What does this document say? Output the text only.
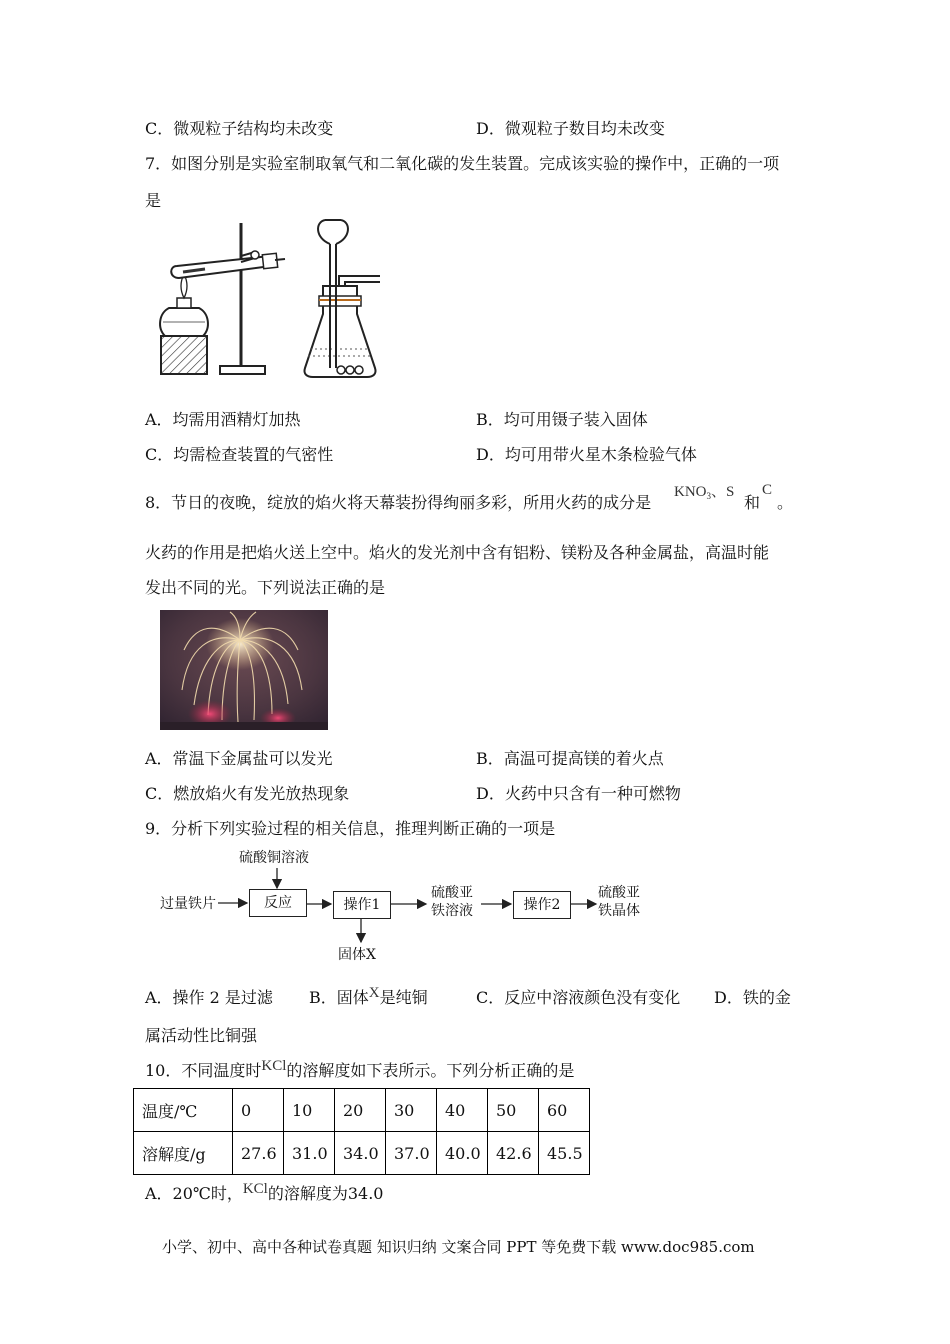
C．微观粒子结构均未改变	D．微观粒子数目均未改变
7．如图分别是实验室制取氧气和二氧化碳的发生装置。完成该实验的操作中，正确的一项
是
A．均需用酒精灯加热	B．均可用镊子装入固体
C．均需检查装置的气密性	D．均可用带火星木条检验气体
8．节日的夜晚，绽放的焰火将天幕装扮得绚丽多彩，所用火药的成分是
$KNO_3$、S
和
C
。
火药的作用是把焰火送上空中。焰火的发光剂中含有铝粉、镁粉及各种金属盐，高温时能
发出不同的光。下列说法正确的是
A．常温下金属盐可以发光	B．高温可提高镁的着火点
C．燃放焰火有发光放热现象	D．火药中只含有一种可燃物
9．分析下列实验过程的相关信息，推理判断正确的一项是
硫酸铜溶液
过量铁片	反应	操作1
硫酸亚
铁溶液	操作2
硫酸亚
铁晶体
固体X
A．操作 2 是过滤 B．固体X是纯铜	C．反应中溶液颜色没有变化 D．铁的金
属活动性比铜强
10．不同温度时KCl的溶解度如下表所示。下列分析正确的是
温度/℃	0	10	20	30	40	50	60
溶解度/g	27.6	31.0	34.0	37.0	40.0	42.6	45.5
A．20℃时，KCl的溶解度为34.0
小学、初中、高中各种试卷真题 知识归纳 文案合同 PPT 等免费下载 www.doc985.com
